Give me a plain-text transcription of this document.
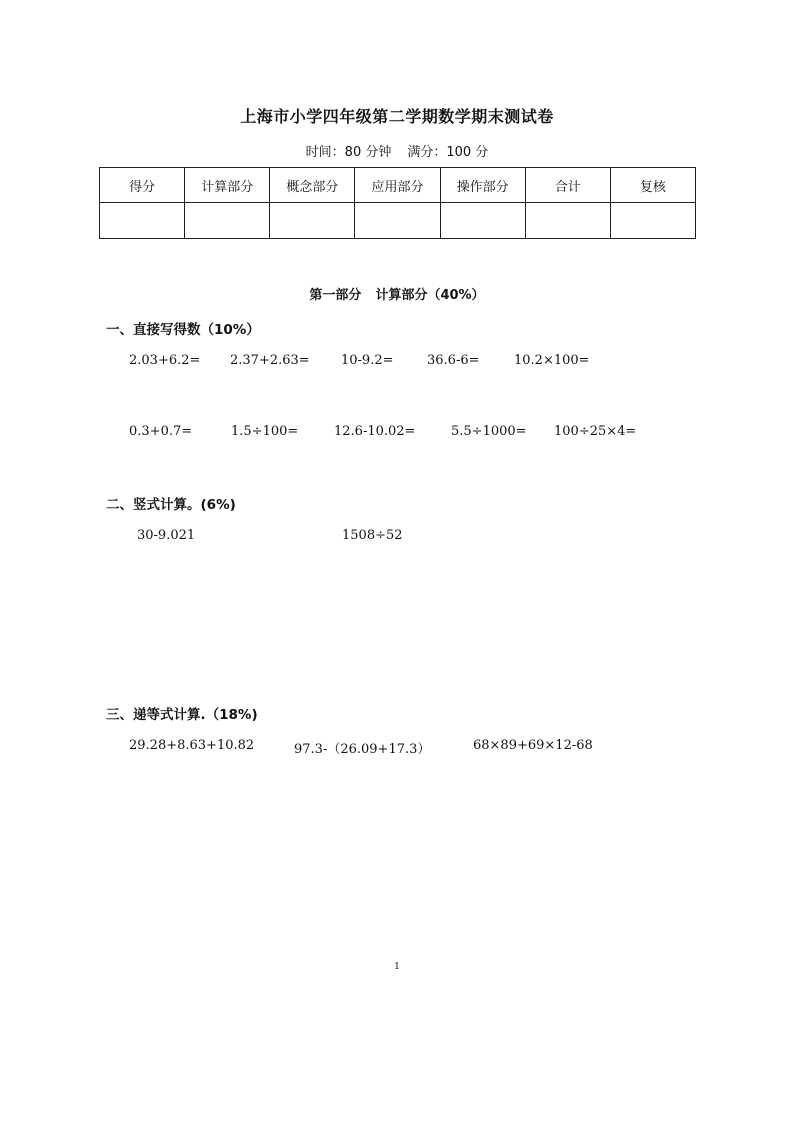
上海市小学四年级第二学期数学期末测试卷
时间：80 分钟 满分：100 分
得分	计算部分	概念部分	应用部分	操作部分	合计	复核

第一部分 计算部分（40%）
一、直接写得数（10%）
2.03+6.2= 2.37+2.63= 10-9.2=	36.6-6=	10.2×100=
0.3+0.7=	1.5÷100=	12.6-10.02=	5.5÷1000= 100÷25×4=
二、竖式计算。(6%)
30-9.021	1508÷52
三、递等式计算.（18%)
29.28+8.63+10.82	97.3-（26.09+17.3）	68×89+69×12-68
1
